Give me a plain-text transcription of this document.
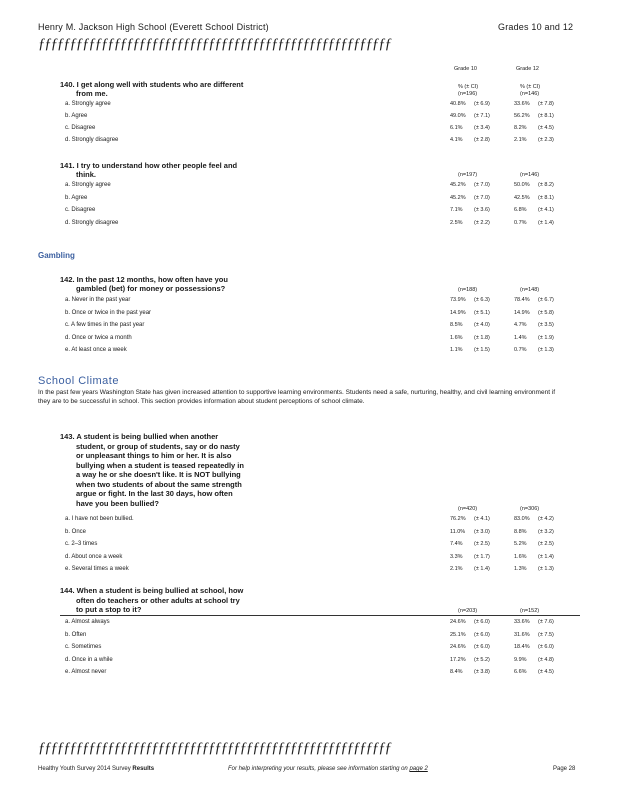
Henry M. Jackson High School (Everett School District)	Grades 10 and 12
ƒƒƒƒƒƒƒƒƒƒƒƒƒƒƒƒƒƒƒƒƒƒƒƒƒƒƒƒƒƒƒƒƒƒƒƒƒƒƒƒƒƒƒƒƒƒƒƒƒƒƒƒƒƒƒƒ
Grade 10	Grade 12
140. I get along well with students who are different
from me.
% (± CI)	% (± CI)
(n=196)	(n=146)
a. Strongly agree	40.8% (± 6.9)	33.6% (± 7.8)
b. Agree	49.0% (± 7.1)	56.2% (± 8.1)
c. Disagree	6.1% (± 3.4)	8.2% (± 4.5)
d. Strongly disagree	4.1% (± 2.8)	2.1% (± 2.3)
141. I try to understand how other people feel and
think.	(n=197)	(n=146)
a. Strongly agree	45.2% (± 7.0)	50.0% (± 8.2)
b. Agree	45.2% (± 7.0)	42.5% (± 8.1)
c. Disagree	7.1% (± 3.6)	6.8% (± 4.1)
d. Strongly disagree	2.5% (± 2.2)	0.7% (± 1.4)
Gambling
142. In the past 12 months, how often have you
gambled (bet) for money or possessions?	(n=188)	(n=148)
a. Never in the past year	73.9% (± 6.3)	78.4% (± 6.7)
b. Once or twice in the past year	14.9% (± 5.1)	14.9% (± 5.8)
c. A few times in the past year	8.5% (± 4.0)	4.7% (± 3.5)
d. Once or twice a month	1.6% (± 1.8)	1.4% (± 1.9)
e. At least once a week	1.1% (± 1.5)	0.7% (± 1.3)
School Climate
In the past few years Washington State has given increased attention to supportive learning environments. Students need a safe, nurturing, healthy, and civil learning environment if they are to be successful in school. This section provides information about student perceptions of school climate.
143. A student is being bullied when another
student, or group of students, say or do nasty
or unpleasant things to him or her. It is also
bullying when a student is teased repeatedly in
a way he or she doesn't like. It is NOT bullying
when two students of about the same strength
argue or fight. In the last 30 days, how often
have you been bullied?
(n=420)	(n=306)
a. I have not been bullied.	76.2% (± 4.1)	83.0% (± 4.2)
b. Once	11.0% (± 3.0)	8.8% (± 3.2)
c. 2–3 times	7.4% (± 2.5)	5.2% (± 2.5)
d. About once a week	3.3% (± 1.7)	1.6% (± 1.4)
e. Several times a week	2.1% (± 1.4)	1.3% (± 1.3)
144. When a student is being bullied at school, how
often do teachers or other adults at school try
to put a stop to it?	(n=203)	(n=152)
a. Almost always	24.6% (± 6.0)	33.6% (± 7.6)
b. Often	25.1% (± 6.0)	31.6% (± 7.5)
c. Sometimes	24.6% (± 6.0)	18.4% (± 6.0)
d. Once in a while	17.2% (± 5.2)	9.9% (± 4.8)
e. Almost never	8.4% (± 3.8)	6.6% (± 4.5)
ƒƒƒƒƒƒƒƒƒƒƒƒƒƒƒƒƒƒƒƒƒƒƒƒƒƒƒƒƒƒƒƒƒƒƒƒƒƒƒƒƒƒƒƒƒƒƒƒƒƒƒƒƒƒƒƒ
Healthy Youth Survey 2014 Survey Results	For help interpreting your results, please see information starting on page 2	Page 28
